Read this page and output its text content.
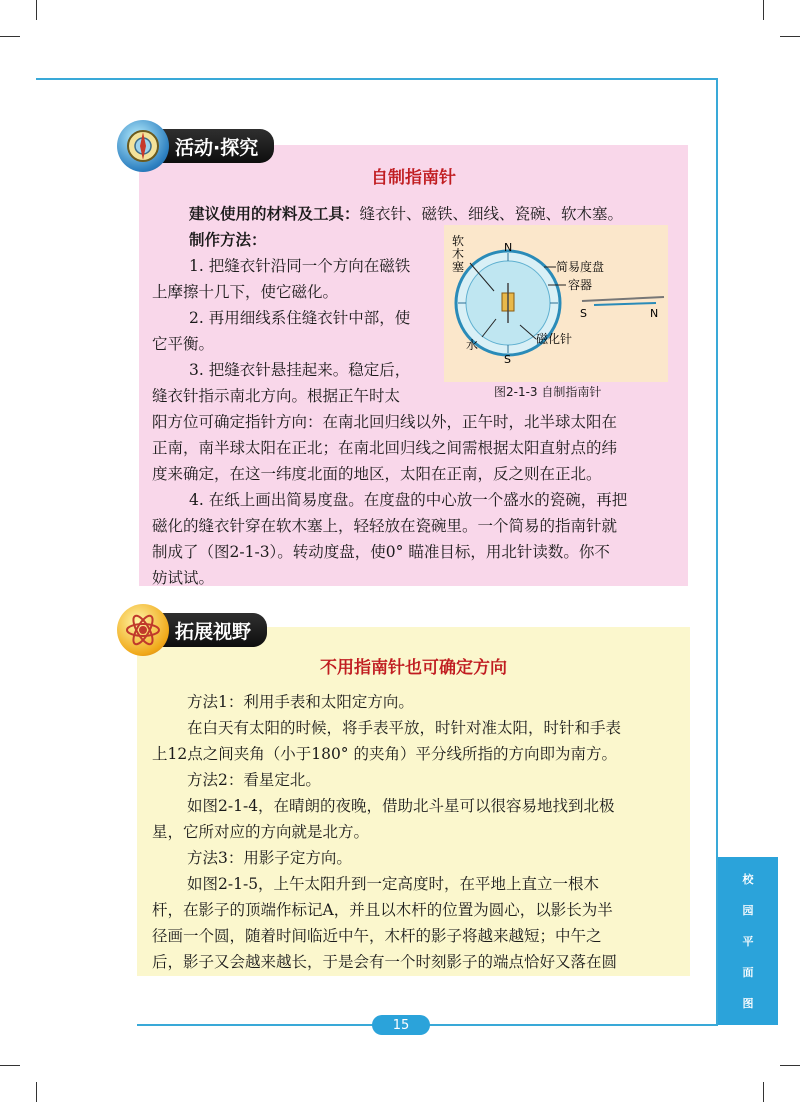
校
园
平
面
图
活动·探究
自制指南针
建议使用的材料及工具：缝衣针、磁铁、细线、瓷碗、软木塞。
制作方法：
1. 把缝衣针沿同一个方向在磁铁
上摩擦十几下，使它磁化。
2. 再用细线系住缝衣针中部，使
它平衡。
3. 把缝衣针悬挂起来。稳定后，
缝衣针指示南北方向。根据正午时太
阳方位可确定指针方向：在南北回归线以外，正午时，北半球太阳在
正南，南半球太阳在正北；在南北回归线之间需根据太阳直射点的纬
度来确定，在这一纬度北面的地区，太阳在正南，反之则在正北。
4. 在纸上画出简易度盘。在度盘的中心放一个盛水的瓷碗，再把
磁化的缝衣针穿在软木塞上，轻轻放在瓷碗里。一个简易的指南针就
制成了（图2-1-3）。转动度盘，使0° 瞄准目标，用北针读数。你不
妨试试。
软
木
塞
水
简易度盘
容器
磁化针
N
S
S	N
图2-1-3 自制指南针
拓展视野
不用指南针也可确定方向
方法1：利用手表和太阳定方向。
在白天有太阳的时候，将手表平放，时针对准太阳，时针和手表
上12点之间夹角（小于180° 的夹角）平分线所指的方向即为南方。
方法2：看星定北。
如图2-1-4，在晴朗的夜晚，借助北斗星可以很容易地找到北极
星，它所对应的方向就是北方。
方法3：用影子定方向。
如图2-1-5，上午太阳升到一定高度时，在平地上直立一根木
杆，在影子的顶端作标记A，并且以木杆的位置为圆心，以影长为半
径画一个圆，随着时间临近中午，木杆的影子将越来越短；中午之
后，影子又会越来越长，于是会有一个时刻影子的端点恰好又落在圆
15
